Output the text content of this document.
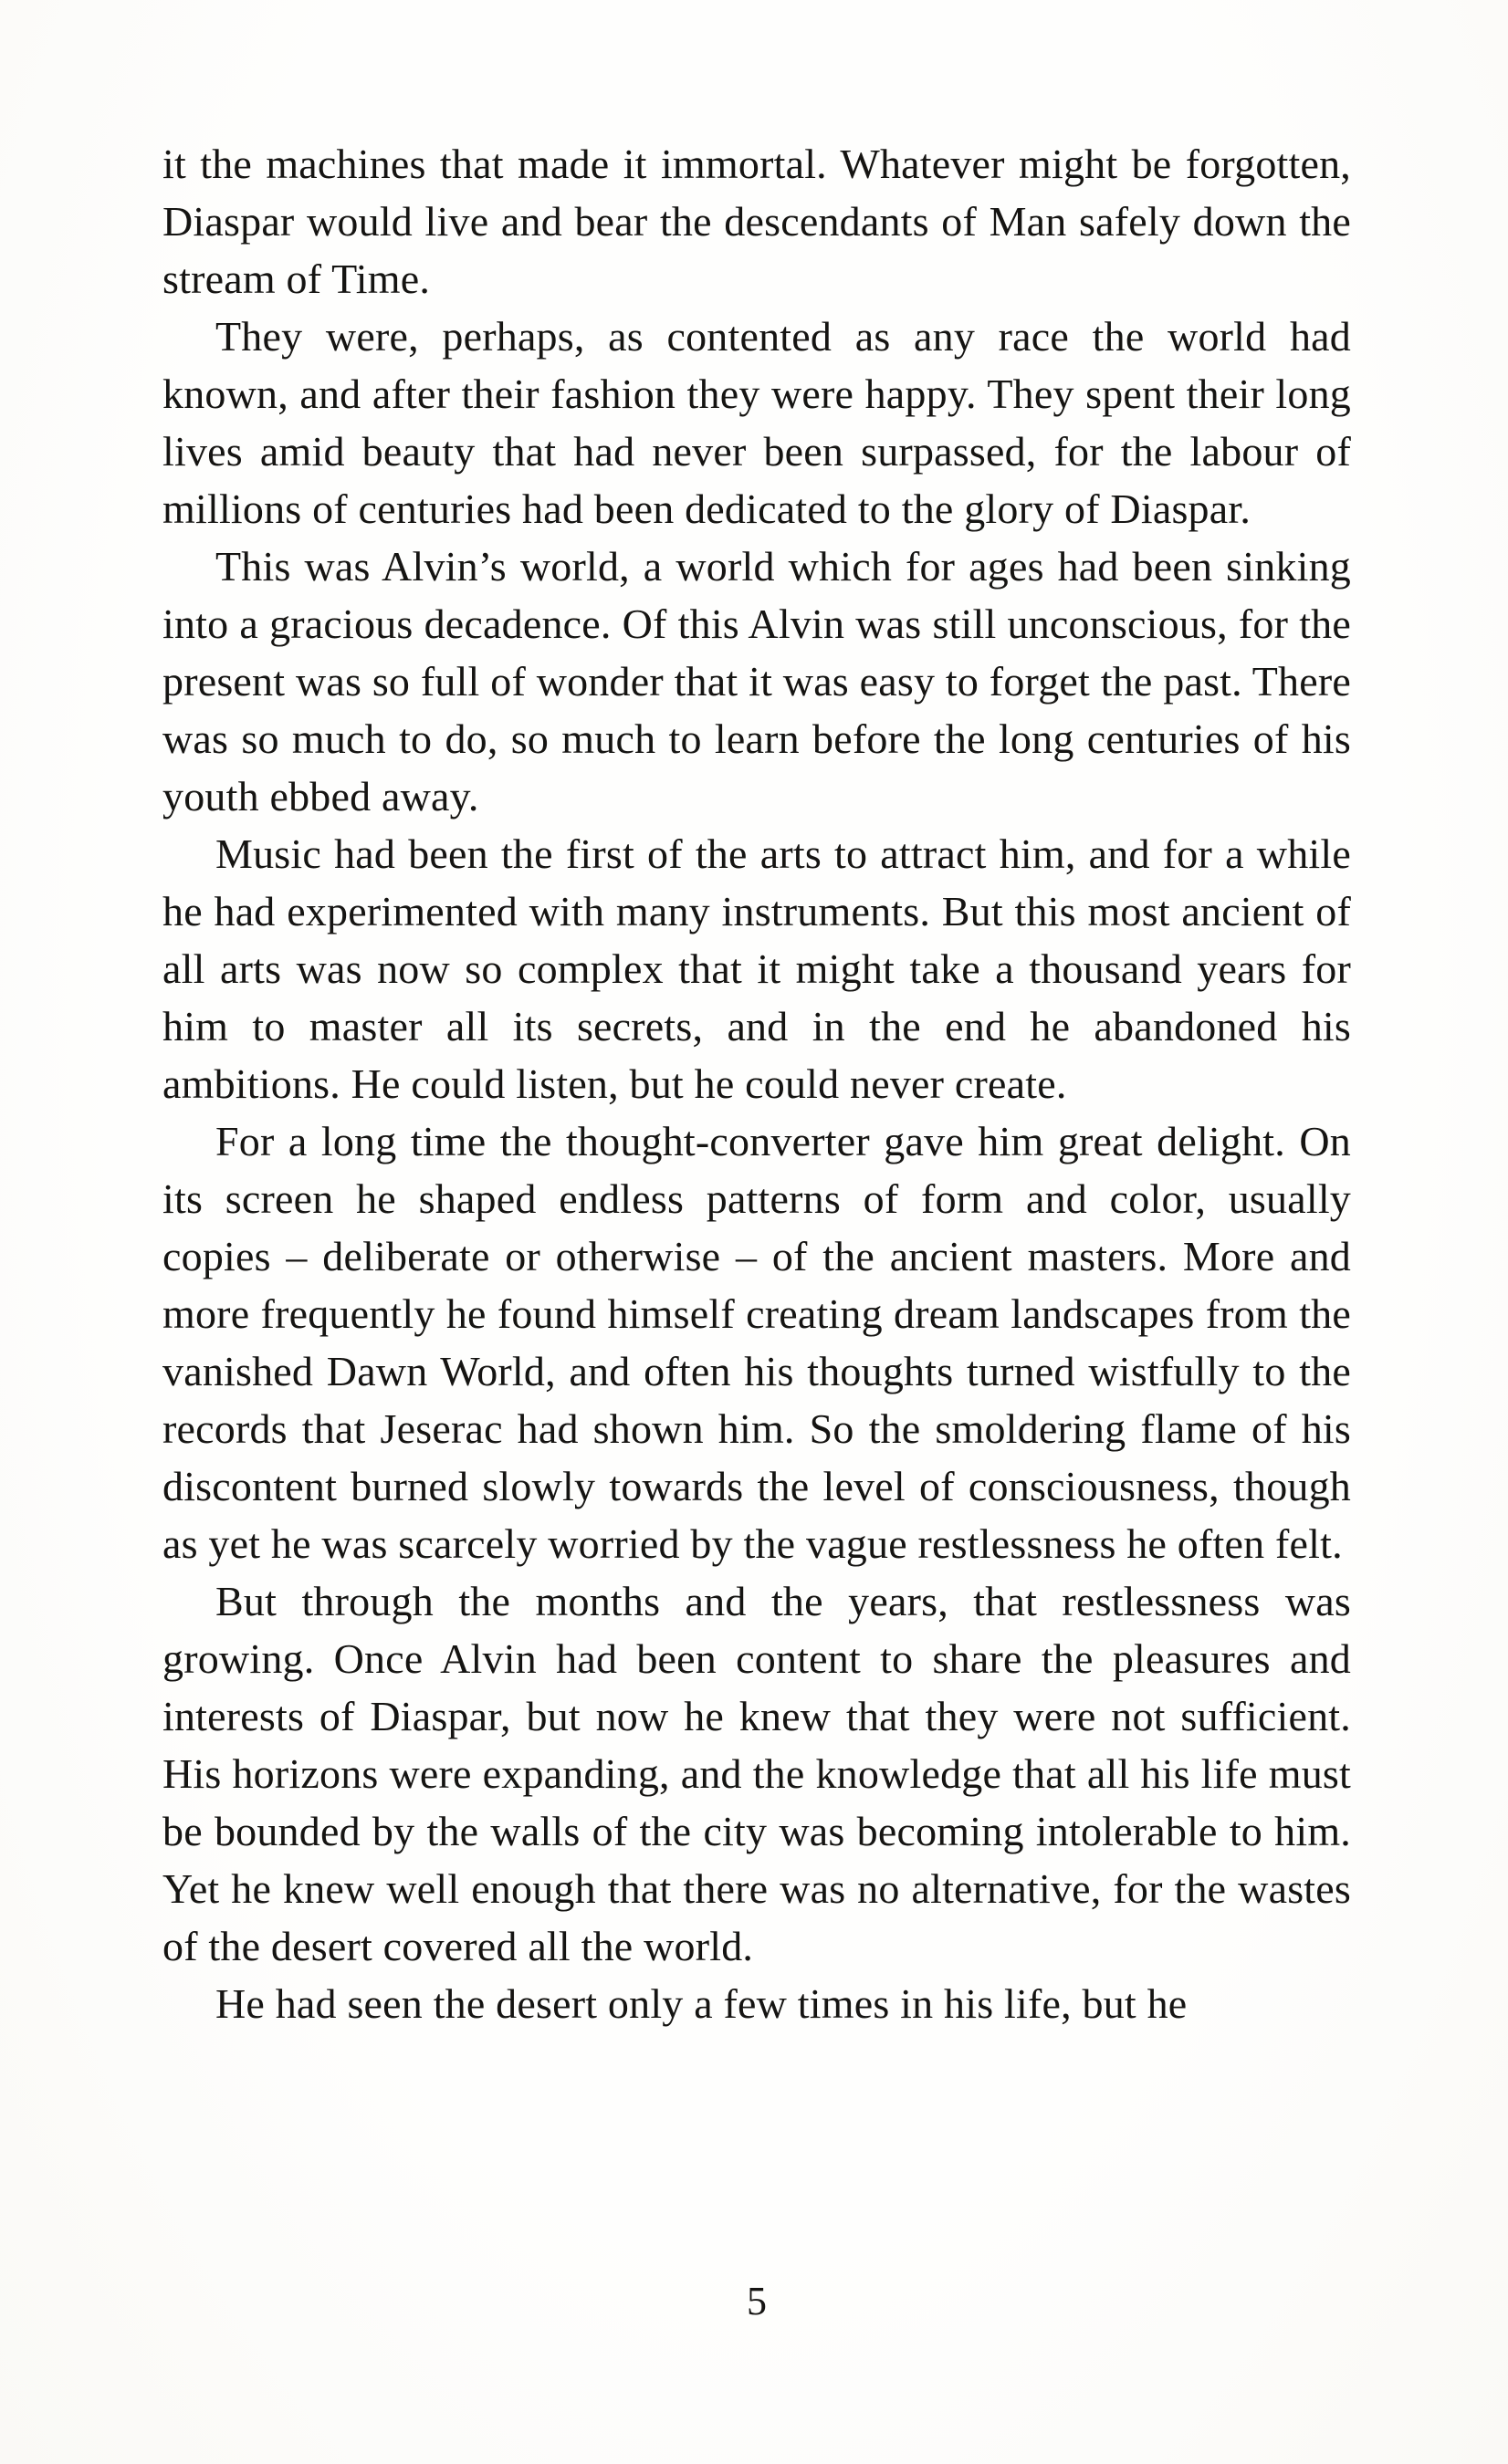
it the machines that made it immortal. Whatever might be forgotten, Diaspar would live and bear the descendants of Man safely down the stream of Time.

They were, perhaps, as contented as any race the world had known, and after their fashion they were happy. They spent their long lives amid beauty that had never been surpassed, for the labour of millions of centuries had been dedicated to the glory of Diaspar.

This was Alvin’s world, a world which for ages had been sinking into a gracious decadence. Of this Alvin was still unconscious, for the present was so full of wonder that it was easy to forget the past. There was so much to do, so much to learn before the long centuries of his youth ebbed away.

Music had been the first of the arts to attract him, and for a while he had experimented with many instruments. But this most ancient of all arts was now so complex that it might take a thousand years for him to master all its secrets, and in the end he abandoned his ambitions. He could listen, but he could never create.

For a long time the thought-converter gave him great delight. On its screen he shaped endless patterns of form and color, usually copies – deliberate or otherwise – of the ancient masters. More and more frequently he found himself creating dream landscapes from the vanished Dawn World, and often his thoughts turned wistfully to the records that Jeserac had shown him. So the smoldering flame of his discontent burned slowly towards the level of consciousness, though as yet he was scarcely worried by the vague restlessness he often felt.

But through the months and the years, that restlessness was growing. Once Alvin had been content to share the pleasures and interests of Diaspar, but now he knew that they were not sufficient. His horizons were expanding, and the knowledge that all his life must be bounded by the walls of the city was becoming intolerable to him. Yet he knew well enough that there was no alternative, for the wastes of the desert covered all the world.

He had seen the desert only a few times in his life, but he

5
